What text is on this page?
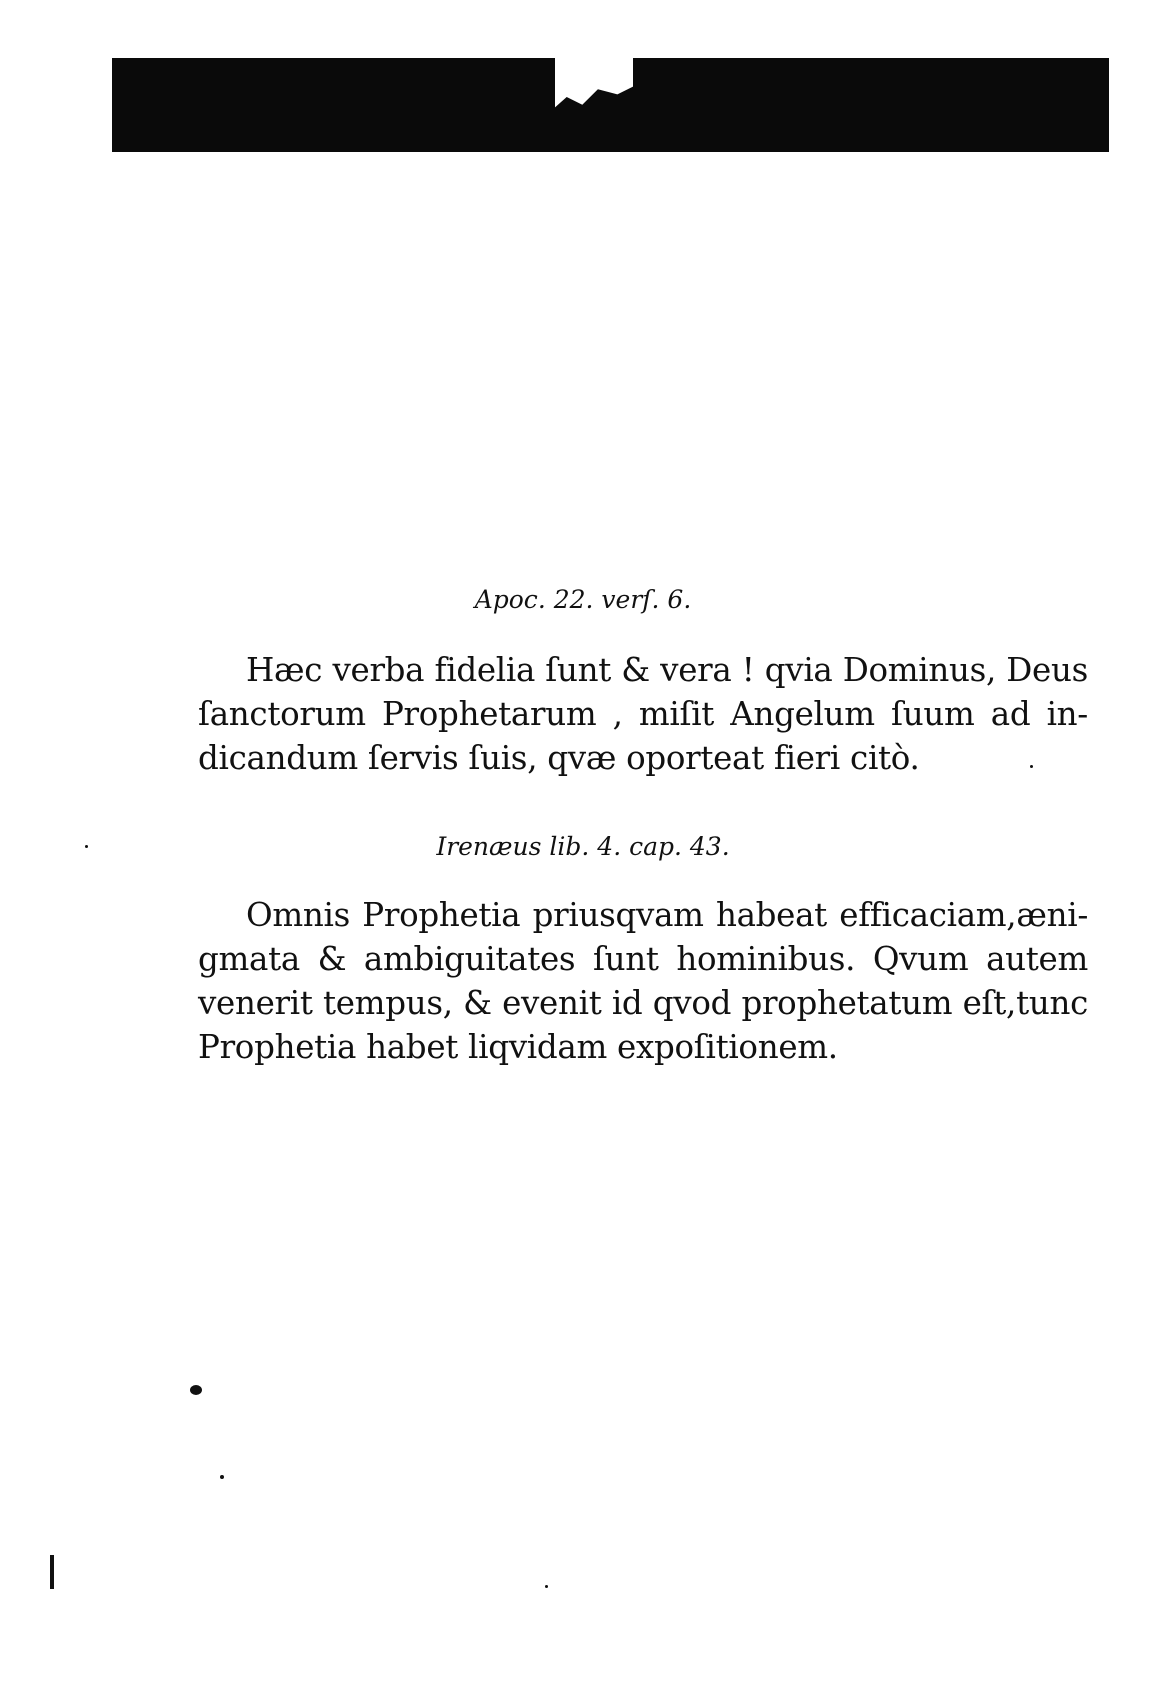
Apoc. 22. verſ. 6.
Hæc verba fidelia ſunt & vera ! qvia Dominus, Deus
ſanctorum Prophetarum , miſit Angelum ſuum ad in-
dicandum ſervis ſuis, qvæ oporteat fieri citò.
Irenæus lib. 4. cap. 43.
Omnis Prophetia priusqvam habeat efficaciam,æni-
gmata & ambiguitates ſunt hominibus. Qvum autem
venerit tempus, & evenit id qvod prophetatum eſt,tunc
Prophetia habet liqvidam expoſitionem.
